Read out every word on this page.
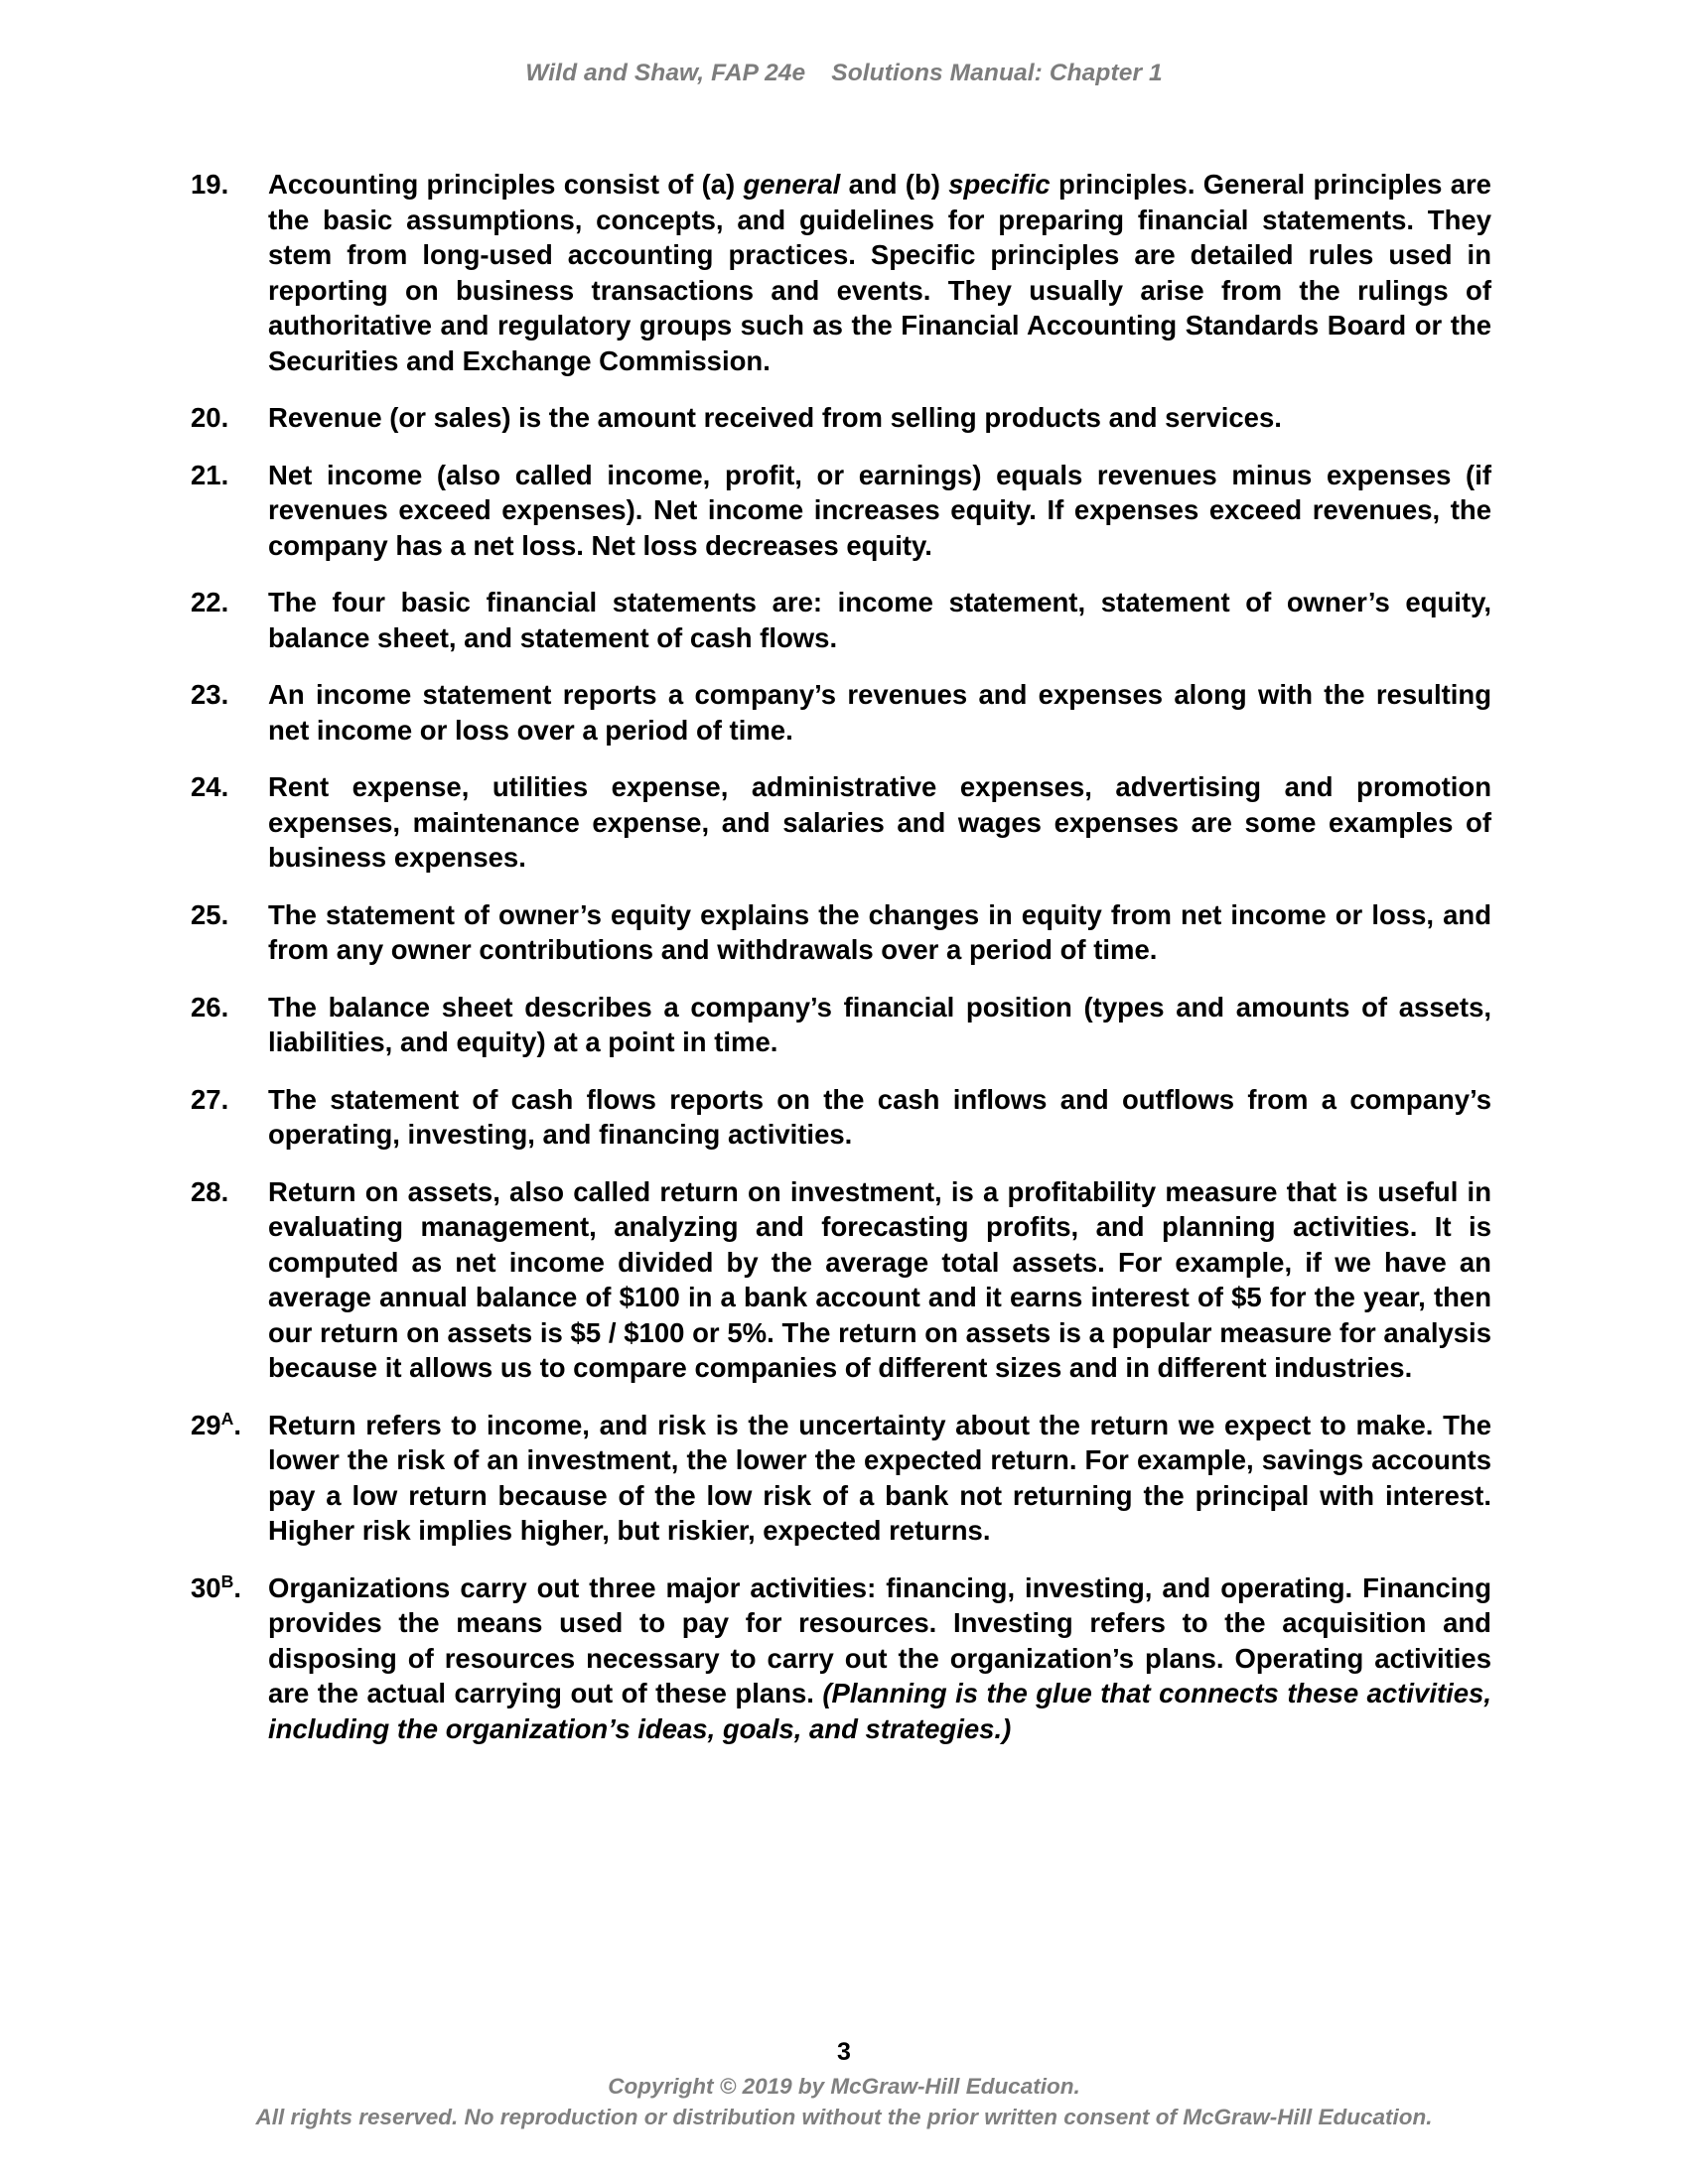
Wild and Shaw, FAP 24e Solutions Manual: Chapter 1
19.	Accounting principles consist of (a) general and (b) specific principles. General principles are the basic assumptions, concepts, and guidelines for preparing financial statements. They stem from long-used accounting practices. Specific principles are detailed rules used in reporting on business transactions and events. They usually arise from the rulings of authoritative and regulatory groups such as the Financial Accounting Standards Board or the Securities and Exchange Commission.
20.	Revenue (or sales) is the amount received from selling products and services.
21.	Net income (also called income, profit, or earnings) equals revenues minus expenses (if revenues exceed expenses). Net income increases equity. If expenses exceed revenues, the company has a net loss. Net loss decreases equity.
22.	The four basic financial statements are: income statement, statement of owner’s equity, balance sheet, and statement of cash flows.
23.	An income statement reports a company’s revenues and expenses along with the resulting net income or loss over a period of time.
24.	Rent expense, utilities expense, administrative expenses, advertising and promotion expenses, maintenance expense, and salaries and wages expenses are some examples of business expenses.
25.	The statement of owner’s equity explains the changes in equity from net income or loss, and from any owner contributions and withdrawals over a period of time.
26.	The balance sheet describes a company’s financial position (types and amounts of assets, liabilities, and equity) at a point in time.
27.	The statement of cash flows reports on the cash inflows and outflows from a company’s operating, investing, and financing activities.
28.	Return on assets, also called return on investment, is a profitability measure that is useful in evaluating management, analyzing and forecasting profits, and planning activities. It is computed as net income divided by the average total assets. For example, if we have an average annual balance of $100 in a bank account and it earns interest of $5 for the year, then our return on assets is $5 / $100 or 5%. The return on assets is a popular measure for analysis because it allows us to compare companies of different sizes and in different industries.
$29^A$. Return refers to income, and risk is the uncertainty about the return we expect to make. The lower the risk of an investment, the lower the expected return. For example, savings accounts pay a low return because of the low risk of a bank not returning the principal with interest. Higher risk implies higher, but riskier, expected returns.
$30^B$. Organizations carry out three major activities: financing, investing, and operating. Financing provides the means used to pay for resources. Investing refers to the acquisition and disposing of resources necessary to carry out the organization’s plans. Operating activities are the actual carrying out of these plans. (Planning is the glue that connects these activities, including the organization’s ideas, goals, and strategies.)
3
Copyright © 2019 by McGraw-Hill Education.
All rights reserved. No reproduction or distribution without the prior written consent of McGraw-Hill Education.
